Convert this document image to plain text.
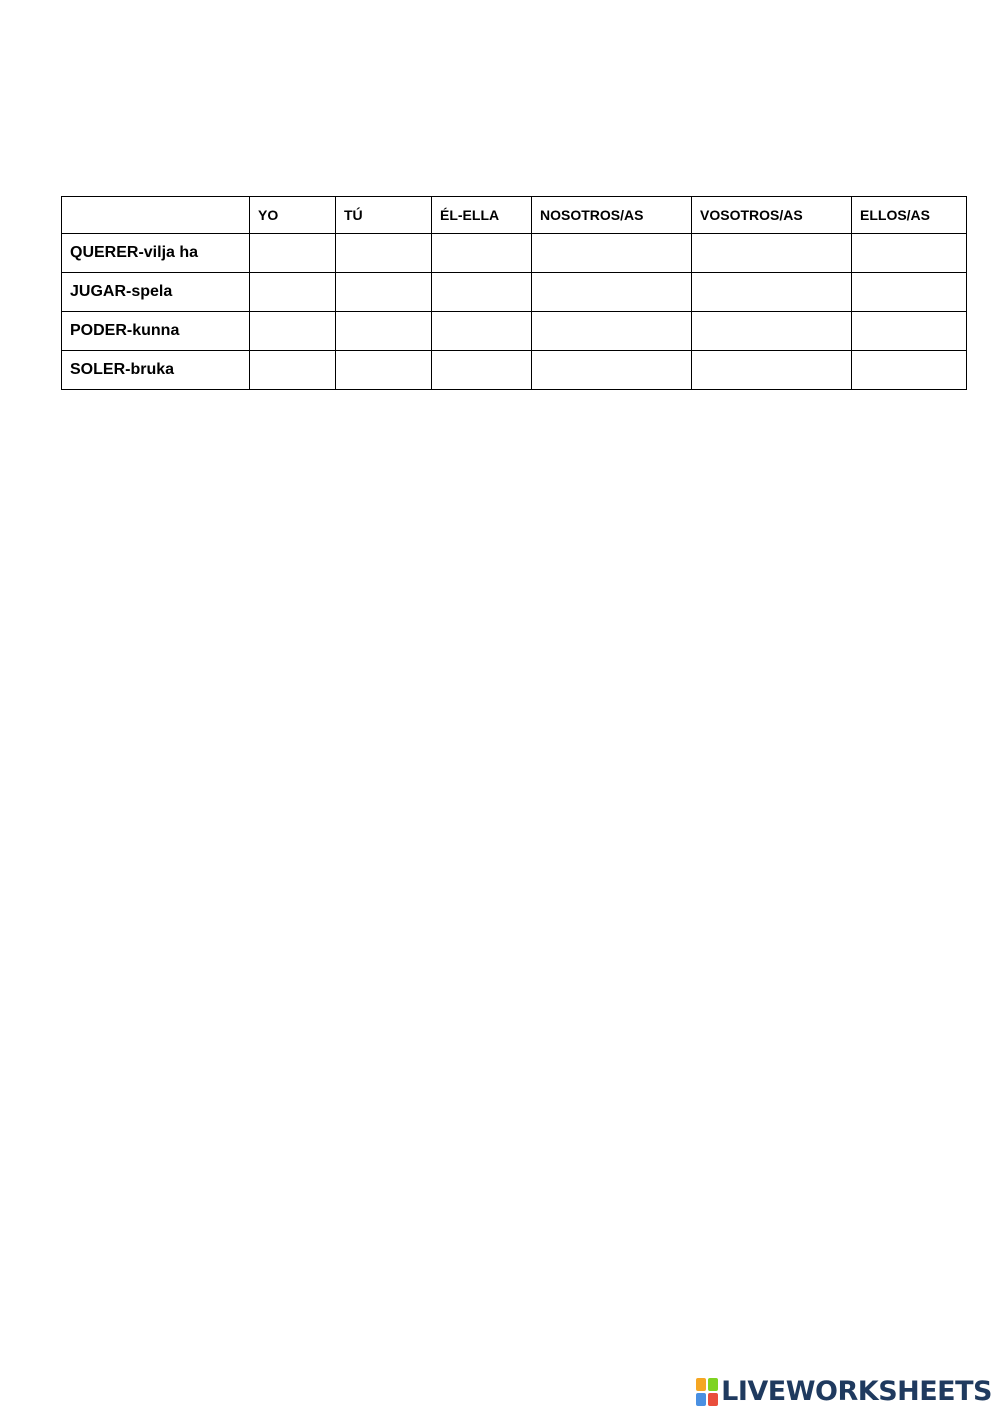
	YO	TÚ	ÉL-ELLA	NOSOTROS/AS	VOSOTROS/AS	ELLOS/AS
QUERER-vilja ha						
JUGAR-spela						
PODER-kunna						
SOLER-bruka						
LIVEWORKSHEETS
